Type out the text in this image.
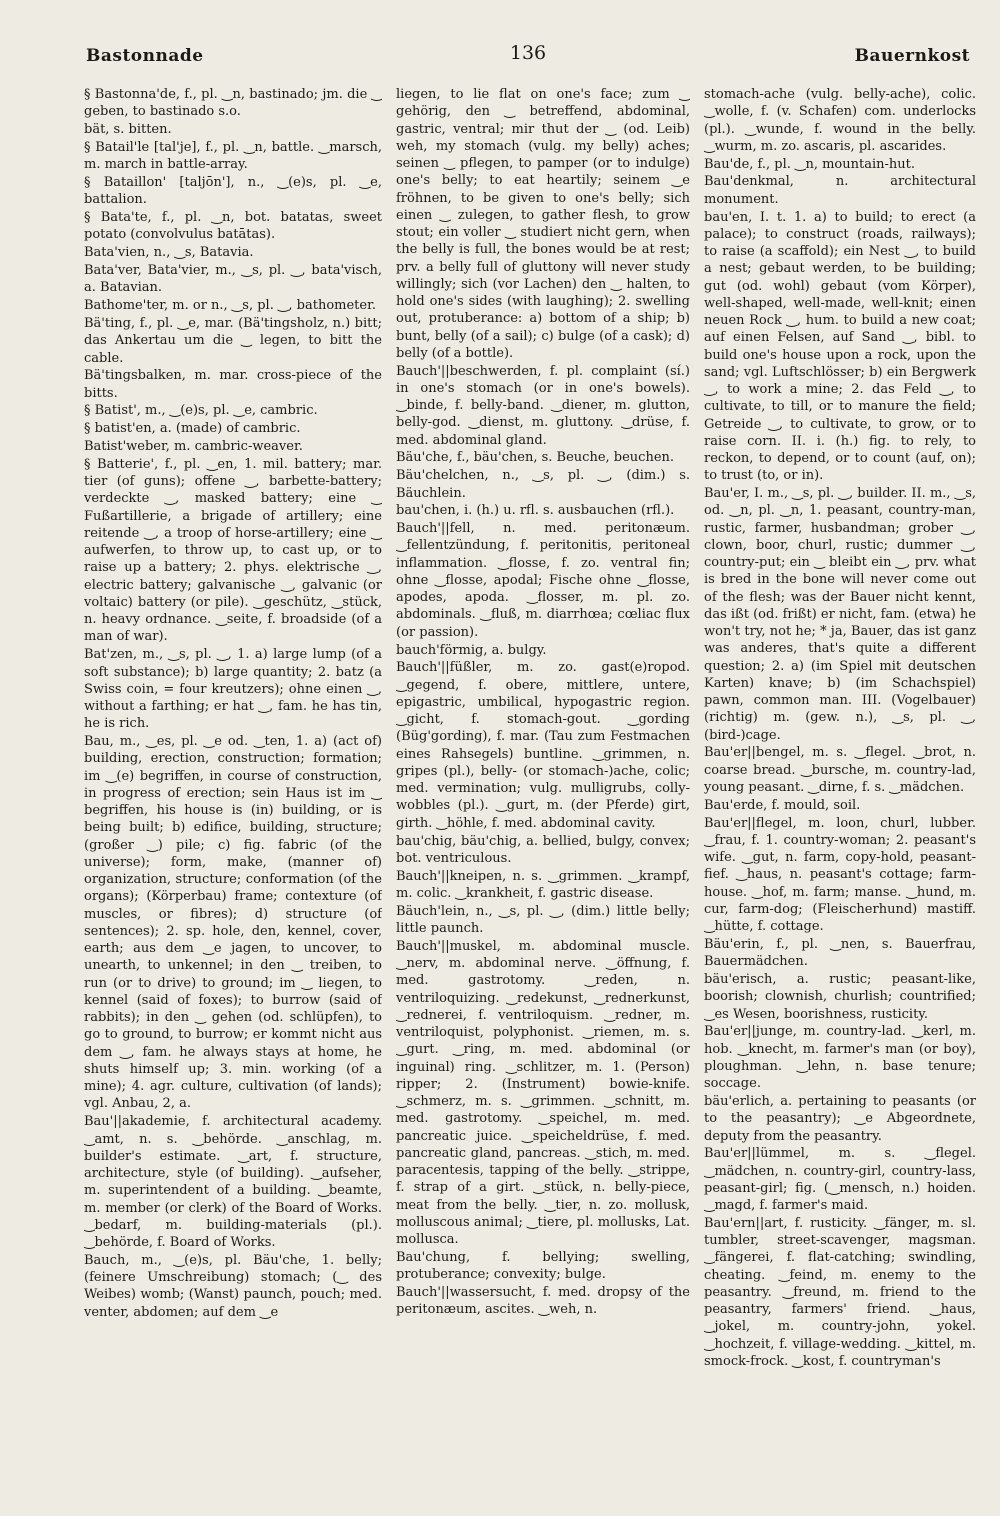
Bastonnade	136	Bauernkost

§ Bastonna'de, f., pl. ‿n, bastinado; jm. die ‿ geben, to bastinado s.o.

bät, s. bitten.

§ Batail'le [tal'je], f., pl. ‿n, battle. ‿marsch, m. march in battle-array.

§ Bataillon' [taljōn'], n., ‿(e)s, pl. ‿e, battalion.

§ Bata'te, f., pl. ‿n, bot. batatas, sweet potato (convolvulus batātas).

Bata'vien, n., ‿s, Batavia.

Bata'ver, Bata'vier, m., ‿s, pl. ‿, bata'visch, a. Batavian.

Bathome'ter, m. or n., ‿s, pl. ‿, bathometer.

Bä'ting, f., pl. ‿e, mar. (Bä'tingsholz, n.) bitt; das Ankertau um die ‿ legen, to bitt the cable.

Bä'tingsbalken, m. mar. cross-piece of the bitts.

§ Batist', m., ‿(e)s, pl. ‿e, cambric.

§ batist'en, a. (made) of cambric.

Batist'weber, m. cambric-weaver.

§ Batterie', f., pl. ‿en, 1. mil. battery; mar. tier (of guns); offene ‿, barbette-battery; verdeckte ‿, masked battery; eine ‿ Fußartillerie, a brigade of artillery; eine reitende ‿, a troop of horse-artillery; eine ‿ aufwerfen, to throw up, to cast up, or to raise up a battery; 2. phys. elektrische ‿, electric battery; galvanische ‿, galvanic (or voltaic) battery (or pile). ‿geschütz, ‿stück, n. heavy ordnance. ‿seite, f. broadside (of a man of war).

Bat'zen, m., ‿s, pl. ‿, 1. a) large lump (of a soft substance); b) large quantity; 2. batz (a Swiss coin, = four kreutzers); ohne einen ‿, without a farthing; er hat ‿, fam. he has tin, he is rich.

Bau, m., ‿es, pl. ‿e od. ‿ten, 1. a) (act of) building, erection, construction; formation; im ‿(e) begriffen, in course of construction, in progress of erection; sein Haus ist im ‿ begriffen, his house is (in) building, or is being built; b) edifice, building, structure; (großer ‿) pile; c) fig. fabric (of the universe); form, make, (manner of) organization, structure; conformation (of the organs); (Körperbau) frame; contexture (of muscles, or fibres); d) structure (of sentences); 2. sp. hole, den, kennel, cover, earth; aus dem ‿e jagen, to uncover, to unearth, to unkennel; in den ‿ treiben, to run (or to drive) to ground; im ‿ liegen, to kennel (said of foxes); to burrow (said of rabbits); in den ‿ gehen (od. schlüpfen), to go to ground, to burrow; er kommt nicht aus dem ‿, fam. he always stays at home, he shuts himself up; 3. min. working (of a mine); 4. agr. culture, cultivation (of lands); vgl. Anbau, 2, a.

Bau'||akademie, f. architectural academy. ‿amt, n. s. ‿behörde. ‿anschlag, m. builder's estimate. ‿art, f. structure, architecture, style (of building). ‿aufseher, m. superintendent of a building. ‿beamte, m. member (or clerk) of the Board of Works. ‿bedarf, m. building-materials (pl.). ‿behörde, f. Board of Works.

Bauch, m., ‿(e)s, pl. Bäu'che, 1. belly; (feinere Umschreibung) stomach; (‿ des Weibes) womb; (Wanst) paunch, pouch; med. venter, abdomen; auf dem ‿e

liegen, to lie flat on one's face; zum ‿ gehörig, den ‿ betreffend, abdominal, gastric, ventral; mir thut der ‿ (od. Leib) weh, my stomach (vulg. my belly) aches; seinen ‿ pflegen, to pamper (or to indulge) one's belly; to eat heartily; seinem ‿e fröhnen, to be given to one's belly; sich einen ‿ zulegen, to gather flesh, to grow stout; ein voller ‿ studiert nicht gern, when the belly is full, the bones would be at rest; prv. a belly full of gluttony will never study willingly; sich (vor Lachen) den ‿ halten, to hold one's sides (with laughing); 2. swelling out, protuberance: a) bottom of a ship; b) bunt, belly (of a sail); c) bulge (of a cask); d) belly (of a bottle).

Bauch'||beschwerden, f. pl. complaint (sí.) in one's stomach (or in one's bowels). ‿binde, f. belly-band. ‿diener, m. glutton, belly-god. ‿dienst, m. gluttony. ‿drüse, f. med. abdominal gland.

Bäu'che, f., bäu'chen, s. Beuche, beuchen.

Bäu'chelchen, n., ‿s, pl. ‿, (dim.) s. Bäuchlein.

bau'chen, i. (h.) u. rfl. s. ausbauchen (rfl.).

Bauch'||fell, n. med. peritonæum. ‿fellentzündung, f. peritonitis, peritoneal inflammation. ‿flosse, f. zo. ventral fin; ohne ‿flosse, apodal; Fische ohne ‿flosse, apodes, apoda. ‿flosser, m. pl. zo. abdominals. ‿fluß, m. diarrhœa; cœliac flux (or passion).

bauch'förmig, a. bulgy.

Bauch'||füßler, m. zo. gast(e)ropod. ‿gegend, f. obere, mittlere, untere, epigastric, umbilical, hypogastric region. ‿gicht, f. stomach-gout. ‿gording (Büg'gording), f. mar. (Tau zum Festmachen eines Rahsegels) buntline. ‿grimmen, n. gripes (pl.), belly- (or stomach-)ache, colic; med. vermination; vulg. mulligrubs, colly-wobbles (pl.). ‿gurt, m. (der Pferde) girt, girth. ‿höhle, f. med. abdominal cavity.

bau'chig, bäu'chig, a. bellied, bulgy, convex; bot. ventriculous.

Bauch'||kneipen, n. s. ‿grimmen. ‿krampf, m. colic. ‿krankheit, f. gastric disease.

Bäuch'lein, n., ‿s, pl. ‿, (dim.) little belly; little paunch.

Bauch'||muskel, m. abdominal muscle. ‿nerv, m. abdominal nerve. ‿öffnung, f. med. gastrotomy. ‿reden, n. ventriloquizing. ‿redekunst, ‿rednerkunst, ‿rednerei, f. ventriloquism. ‿redner, m. ventriloquist, polyphonist. ‿riemen, m. s. ‿gurt. ‿ring, m. med. abdominal (or inguinal) ring. ‿schlitzer, m. 1. (Person) ripper; 2. (Instrument) bowie-knife. ‿schmerz, m. s. ‿grimmen. ‿schnitt, m. med. gastrotomy. ‿speichel, m. med. pancreatic juice. ‿speicheldrüse, f. med. pancreatic gland, pancreas. ‿stich, m. med. paracentesis, tapping of the belly. ‿strippe, f. strap of a girt. ‿stück, n. belly-piece, meat from the belly. ‿tier, n. zo. mollusk, molluscous animal; ‿tiere, pl. mollusks, Lat. mollusca.

Bau'chung, f. bellying; swelling, protuberance; convexity; bulge.

Bauch'||wassersucht, f. med. dropsy of the peritonæum, ascites. ‿weh, n.

stomach-ache (vulg. belly-ache), colic. ‿wolle, f. (v. Schafen) com. underlocks (pl.). ‿wunde, f. wound in the belly. ‿wurm, m. zo. ascaris, pl. ascarides.

Bau'de, f., pl. ‿n, mountain-hut.

Bau'denkmal, n. architectural monument.

bau'en, I. t. 1. a) to build; to erect (a palace); to construct (roads, railways); to raise (a scaffold); ein Nest ‿, to build a nest; gebaut werden, to be building; gut (od. wohl) gebaut (vom Körper), well-shaped, well-made, well-knit; einen neuen Rock ‿, hum. to build a new coat; auf einen Felsen, auf Sand ‿, bibl. to build one's house upon a rock, upon the sand; vgl. Luftschlösser; b) ein Bergwerk ‿, to work a mine; 2. das Feld ‿, to cultivate, to till, or to manure the field; Getreide ‿, to cultivate, to grow, or to raise corn. II. i. (h.) fig. to rely, to reckon, to depend, or to count (auf, on); to trust (to, or in).

Bau'er, I. m., ‿s, pl. ‿, builder. II. m., ‿s, od. ‿n, pl. ‿n, 1. peasant, country-man, rustic, farmer, husbandman; grober ‿, clown, boor, churl, rustic; dummer ‿, country-put; ein ‿ bleibt ein ‿, prv. what is bred in the bone will never come out of the flesh; was der Bauer nicht kennt, das ißt (od. frißt) er nicht, fam. (etwa) he won't try, not he; * ja, Bauer, das ist ganz was anderes, that's quite a different question; 2. a) (im Spiel mit deutschen Karten) knave; b) (im Schachspiel) pawn, common man. III. (Vogelbauer) (richtig) m. (gew. n.), ‿s, pl. ‿, (bird-)cage.

Bau'er||bengel, m. s. ‿flegel. ‿brot, n. coarse bread. ‿bursche, m. country-lad, young peasant. ‿dirne, f. s. ‿mädchen.

Bau'erde, f. mould, soil.

Bau'er||flegel, m. loon, churl, lubber. ‿frau, f. 1. country-woman; 2. peasant's wife. ‿gut, n. farm, copy-hold, peasant-fief. ‿haus, n. peasant's cottage; farm-house. ‿hof, m. farm; manse. ‿hund, m. cur, farm-dog; (Fleischerhund) mastiff. ‿hütte, f. cottage.

Bäu'erin, f., pl. ‿nen, s. Bauerfrau, Bauermädchen.

bäu'erisch, a. rustic; peasant-like, boorish; clownish, churlish; countrified; ‿es Wesen, boorishness, rusticity.

Bau'er||junge, m. country-lad. ‿kerl, m. hob. ‿knecht, m. farmer's man (or boy), ploughman. ‿lehn, n. base tenure; soccage.

bäu'erlich, a. pertaining to peasants (or to the peasantry); ‿e Abgeordnete, deputy from the peasantry.

Bau'er||lümmel, m. s. ‿flegel. ‿mädchen, n. country-girl, country-lass, peasant-girl; fig. (‿mensch, n.) hoiden. ‿magd, f. farmer's maid.

Bau'ern||art, f. rusticity. ‿fänger, m. sl. tumbler, street-scavenger, magsman. ‿fängerei, f. flat-catching; swindling, cheating. ‿feind, m. enemy to the peasantry. ‿freund, m. friend to the peasantry, farmers' friend. ‿haus, ‿jokel, m. country-john, yokel. ‿hochzeit, f. village-wedding. ‿kittel, m. smock-frock. ‿kost, f. countryman's
